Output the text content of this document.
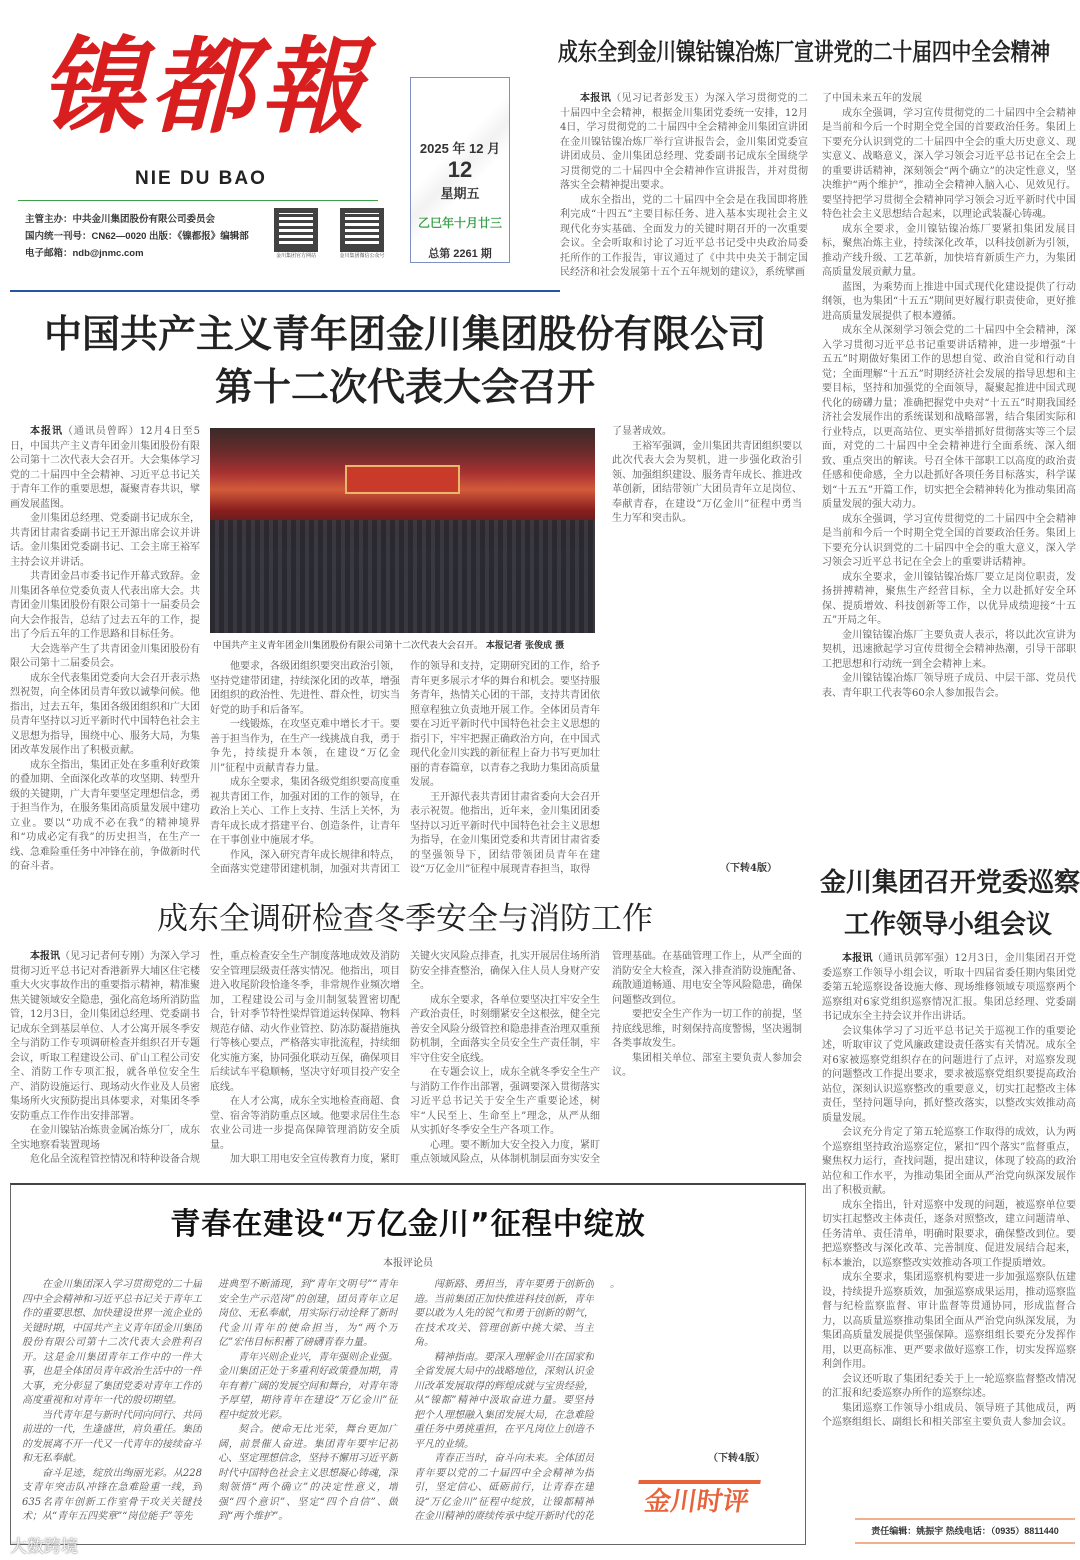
镍都報
NIE DU BAO
主管主办：中共金川集团股份有限公司委员会
国内统一刊号：CN62—0020 出版：《镍都报》编辑部
电子邮箱：ndb@jnmc.com	金川集团官方网站	金川集团微信公众号
2025 年 12 月
12
星期五
乙巳年十月廿三
总第 2261 期
成东全到金川镍钴镍冶炼厂宣讲党的二十届四中全会精神

本报讯（见习记者彭发玉）为深入学习贯彻党的二十届四中全会精神，根据金川集团党委统一安排，12月4日，学习贯彻党的二十届四中全会精神金川集团宣讲团在金川镍钴镍冶炼厂举行宣讲报告会，金川集团党委宣讲团成员、金川集团总经理、党委副书记成东全围绕学习贯彻党的二十届四中全会精神作宣讲报告，并对贯彻落实全会精神提出要求。

成东全指出，党的二十届四中全会是在我国即将胜利完成“十四五”主要目标任务、进入基本实现社会主义现代化夯实基础、全面发力的关键时期召开的一次重要会议。全会听取和讨论了习近平总书记受中央政治局委托所作的工作报告，审议通过了《中共中央关于制定国民经济和社会发展第十五个五年规划的建议》，系统擘画

了中国未来五年的发展

成东全强调，学习宣传贯彻党的二十届四中全会精神是当前和今后一个时期全党全国的首要政治任务。集团上下要充分认识到党的二十届四中全会的重大历史意义、现实意义、战略意义，深入学习领会习近平总书记在全会上的重要讲话精神，深刻领会“两个确立”的决定性意义，坚决维护“两个维护”，推动全会精神入脑入心、见效见行。要坚持把学习贯彻全会精神同学习领会习近平新时代中国特色社会主义思想结合起来，以理论武装凝心铸魂。

成东全要求，金川镍钴镍冶炼厂要紧扣集团发展目标，聚焦冶炼主业，持续深化改革，以科技创新为引领，推动产线升级、工艺革新，加快培育新质生产力，为集团高质量发展贡献力量。

蓝图，为乘势而上推进中国式现代化建设提供了行动纲领，也为集团“十五五”期间更好履行职责使命，更好推进高质量发展提供了根本遵循。

成东全从深刻学习领会党的二十届四中全会精神，深入学习贯彻习近平总书记重要讲话精神，进一步增强“十五五”时期做好集团工作的思想自觉、政治自觉和行动自觉；全面理解“十五五”时期经济社会发展的指导思想和主要目标，坚持和加强党的全面领导，凝聚起推进中国式现代化的磅礴力量；准确把握党中央对“十五五”时期我国经济社会发展作出的系统谋划和战略部署，结合集团实际和行业特点，以更高站位、更实举措抓好贯彻落实等三个层面，对党的二十届四中全会精神进行全面系统、深入细致、重点突出的解读。号召全体干部职工以高度的政治责任感和使命感，全力以赴抓好各项任务目标落实，科学谋划“十五五”开篇工作，切实把全会精神转化为推动集团高质量发展的强大动力。

成东全强调，学习宣传贯彻党的二十届四中全会精神是当前和今后一个时期全党全国的首要政治任务。集团上下要充分认识到党的二十届四中全会的重大意义，深入学习领会习近平总书记在全会上的重要讲话精神。

成东全要求，金川镍钴镍冶炼厂要立足岗位职责，发扬拼搏精神，聚焦生产经营目标，全力以赴抓好安全环保、提质增效、科技创新等工作，以优异成绩迎接“十五五”开局之年。

金川镍钴镍冶炼厂主要负责人表示，将以此次宣讲为契机，迅速掀起学习宣传贯彻全会精神热潮，引导干部职工把思想和行动统一到全会精神上来。

金川镍钴镍冶炼厂领导班子成员、中层干部、党员代表、青年职工代表等60余人参加报告会。

中国共产主义青年团金川集团股份有限公司
第十二次代表大会召开

本报讯（通讯员曾晖）12月4日至5日，中国共产主义青年团金川集团股份有限公司第十二次代表大会召开。大会集体学习党的二十届四中全会精神、习近平总书记关于青年工作的重要思想，凝聚青春共识，擘画发展蓝图。

金川集团总经理、党委副书记成东全，共青团甘肃省委副书记王开源出席会议并讲话。金川集团党委副书记、工会主席王裕军主持会议并讲话。

共青团金昌市委书记作开幕式致辞。金川集团各单位党委负责人代表出席大会。共青团金川集团股份有限公司第十一届委员会向大会作报告，总结了过去五年的工作，提出了今后五年的工作思路和目标任务。

大会选举产生了共青团金川集团股份有限公司第十二届委员会。

成东全代表集团党委向大会召开表示热烈祝贺，向全体团员青年致以诚挚问候。他指出，过去五年，集团各级团组织和广大团员青年坚持以习近平新时代中国特色社会主义思想为指导，围绕中心、服务大局，为集团改革发展作出了积极贡献。

成东全指出，集团正处在多重利好政策的叠加期、全面深化改革的攻坚期、转型升级的关键期，广大青年要坚定理想信念，勇于担当作为，在服务集团高质量发展中建功立业。要以“功成不必在我”的精神境界和“功成必定有我”的历史担当，在生产一线、急难险重任务中冲锋在前，争做新时代的奋斗者。

中国共产主义青年团金川集团股份有限公司第十二次代表大会召开。 本报记者 张俊成 摄

他要求，各级团组织要突出政治引领，坚持党建带团建，持续深化团的改革，增强团组织的政治性、先进性、群众性，切实当好党的助手和后备军。

一线锻炼，在攻坚克难中增长才干。要善于担当作为，在生产一线挑战自我，勇于争先，持续提升本领，在建设“万亿金川”征程中贡献青春力量。

成东全要求，集团各级党组织要高度重视共青团工作，加强对团的工作的领导，在政治上关心、工作上支持、生活上关怀，为青年成长成才搭建平台、创造条件，让青年在干事创业中施展才华。

作风，深入研究青年成长规律和特点，全面落实党建带团建机制，加强对共青团工

作的领导和支持，定期研究团的工作，给予青年更多展示才华的舞台和机会。要坚持服务青年，热情关心团的干部，支持共青团依照章程独立负责地开展工作。全体团员青年要在习近平新时代中国特色社会主义思想的指引下，牢牢把握正确政治方向，在中国式现代化金川实践的新征程上奋力书写更加壮丽的青春篇章，以青春之我助力集团高质量发展。

王开源代表共青团甘肃省委向大会召开表示祝贺。他指出，近年来，金川集团团委坚持以习近平新时代中国特色社会主义思想为指导，在金川集团党委和共青团甘肃省委的坚强领导下，团结带领团员青年在建设“万亿金川”征程中展现青春担当，取得

了显著成效。

王裕军强调，金川集团共青团组织要以此次代表大会为契机，进一步强化政治引领、加强组织建设、服务青年成长、推进改革创新，团结带领广大团员青年立足岗位、奉献青春，在建设“万亿金川”征程中勇当生力军和突击队。

（下转4版）
成东全调研检查冬季安全与消防工作

本报讯（见习记者何专刚）为深入学习贯彻习近平总书记对香港新界大埔区住宅楼重大火灾事故作出的重要指示精神，精准聚焦关键领域安全隐患，强化高危场所消防监管，12月3日，金川集团总经理、党委副书记成东全到基层单位、人才公寓开展冬季安全与消防工作专项调研检查并组织召开专题会议，听取工程建设公司、矿山工程公司安全、消防工作专项汇报，就各单位安全生产、消防设施运行、现场动火作业及人员密集场所火灾预防提出具体要求，对集团冬季安防重点工作作出安排部署。

在金川镍钴冶炼贵金属冶炼分厂，成东全实地察看装置现场

危化品全流程管控情况和特种设备合规

性，重点检查安全生产制度落地成效及消防安全管理层级责任落实情况。他指出，项目进入收尾阶段恰逢冬季，非常规作业频次增加，工程建设公司与金川制氢装置密切配合，针对季节特性梁焊管道运转保障、物料规范存储、动火作业管控、防冻防凝措施执行等核心要点，严格落实审批流程，持续细化实施方案，协同强化联动互保，确保项目后续试车平稳顺畅，坚决守好项目投产安全底线。

在人才公寓，成东全实地检查商超、食堂、宿舍等消防重点区域。他要求居住生态农业公司进一步提高保障管理消防安全质量。

加大职工用电安全宣传教育力度，紧盯

关键火灾风险点排查，扎实开展居住场所消防安全排查整治，确保入住人员人身财产安全。

成东全要求，各单位要坚决扛牢安全生产政治责任，时刻绷紧安全这根弦，健全完善安全风险分级管控和隐患排查治理双重预防机制，全面落实全员安全生产责任制，牢牢守住安全底线。

在专题会议上，成东全就冬季安全生产与消防工作作出部署，强调要深入贯彻落实习近平总书记关于安全生产重要论述，树牢“人民至上、生命至上”理念，从严从细从实抓好冬季安全生产各项工作。

心理。要不断加大安全投入力度，紧盯重点领域风险点，从体制机制层面夯实安全

管理基础。在基础管理工作上，从严全面的消防安全大检查，深入排查消防设施配备、疏散通道畅通、用电安全等风险隐患，确保问题整改到位。

要把安全生产作为一切工作的前提，坚持底线思维，时刻保持高度警惕，坚决遏制各类事故发生。

集团相关单位、部室主要负责人参加会议。

金川集团召开党委巡察
工作领导小组会议

本报讯（通讯员郭军强）12月3日，金川集团召开党委巡察工作领导小组会议，听取十四届省委任期内集团党委第五轮巡察设备设施大修、现场维修领域专项巡察两个巡察组对6家党组织巡察情况汇报。集团总经理、党委副书记成东全主持会议并作出讲话。

会议集体学习了习近平总书记关于巡视工作的重要论述，听取审议了党风廉政建设责任落实有关情况。成东全对6家被巡察党组织存在的问题进行了点评，对巡察发现的问题整改工作提出要求，要求被巡察党组织要提高政治站位，深刻认识巡察整改的重要意义，切实扛起整改主体责任，坚持问题导向，抓好整改落实，以整改实效推动高质量发展。

会议充分肯定了第五轮巡察工作取得的成效，认为两个巡察组坚持政治巡察定位，紧扣“四个落实”监督重点，聚焦权力运行，查找问题，提出建议，体现了较高的政治站位和工作水平，为推动集团全面从严治党向纵深发展作出了积极贡献。

成东全指出，针对巡察中发现的问题，被巡察单位要切实扛起整改主体责任，逐条对照整改，建立问题清单、任务清单、责任清单，明确时限要求，确保整改到位。要把巡察整改与深化改革、完善制度、促进发展结合起来，标本兼治，以巡察整改实效推动各项工作提质增效。

成东全要求，集团巡察机构要进一步加强巡察队伍建设，持续提升巡察质效，加强巡察成果运用，推动巡察监督与纪检监察监督、审计监督等贯通协同，形成监督合力，以高质量巡察推动集团全面从严治党向纵深发展，为集团高质量发展提供坚强保障。巡察组组长要充分发挥作用，以更高标准、更严要求做好巡察工作，切实发挥巡察利剑作用。

会议还听取了集团纪委关于上一轮巡察监督整改情况的汇报和纪委巡察办所作的巡察综述。

集团巡察工作领导小组成员、领导班子其他成员，两个巡察组组长、副组长和相关部室主要负责人参加会议。

青春在建设“万亿金川”征程中绽放
本报评论员

在金川集团深入学习贯彻党的二十届四中全会精神和习近平总书记关于青年工作的重要思想、加快建设世界一流企业的关键时期，中国共产主义青年团金川集团股份有限公司第十二次代表大会胜利召开。这是金川集团青年工作中的一件大事，也是全体团员青年政治生活中的一件大事，充分彰显了集团党委对青年工作的高度重视和对青年一代的殷切期望。

当代青年是与新时代同向同行、共同前进的一代，生逢盛世，肩负重任。集团的发展离不开一代又一代青年的接续奋斗和无私奉献。

奋斗足迹，绽放出绚丽光彩。从228支青年突击队冲锋在急难险重一线，到 635名青年创新工作室骨干攻关关键技术；从“青年五四奖章”“岗位能手”等先

进典型不断涌现，到“青年文明号”“青年安全生产示范岗”的创建，团员青年立足岗位、无私奉献，用实际行动诠释了新时代金川青年的使命担当，为“两个万亿”宏伟目标积蓄了磅礴青春力量。

青年兴则企业兴，青年强则企业强。金川集团正处于多重利好政策叠加期，青年有着广阔的发展空间和舞台，对青年寄予厚望，期待青年在建设“万亿金川”征程中绽放光彩。

契合。使命无比光荣，舞台更加广阔，前景催人奋进。集团青年要牢记初心、坚定理想信念，坚持不懈用习近平新时代中国特色社会主义思想凝心铸魂，深刻领悟“两个确立”的决定性意义，增强“四个意识”、坚定“四个自信”、做到“两个维护”。

闯新路、勇担当，青年要勇于创新创造。当前集团正加快推进科技创新，青年要以敢为人先的锐气和勇于创新的朝气，在技术攻关、管理创新中挑大梁、当主角。

精神指南。要深入理解金川在国家和全省发展大局中的战略地位，深刻认识金川改革发展取得的辉煌成就与宝贵经验，从“镍都”精神中汲取奋进力量。要坚持把个人理想融入集团发展大局，在急难险重任务中勇挑重担，在平凡岗位上创造不平凡的业绩。

青春正当时，奋斗向未来。全体团员青年要以党的二十届四中全会精神为指引，坚定信心、砥砺前行，让青春在建设“万亿金川”征程中绽放，让镍都精神在金川精神的赓续传承中绽开新时代的花

。

（下转4版）
金川时评
责任编辑：姚振宇 热线电话：（0935）8811440
大数跨境
